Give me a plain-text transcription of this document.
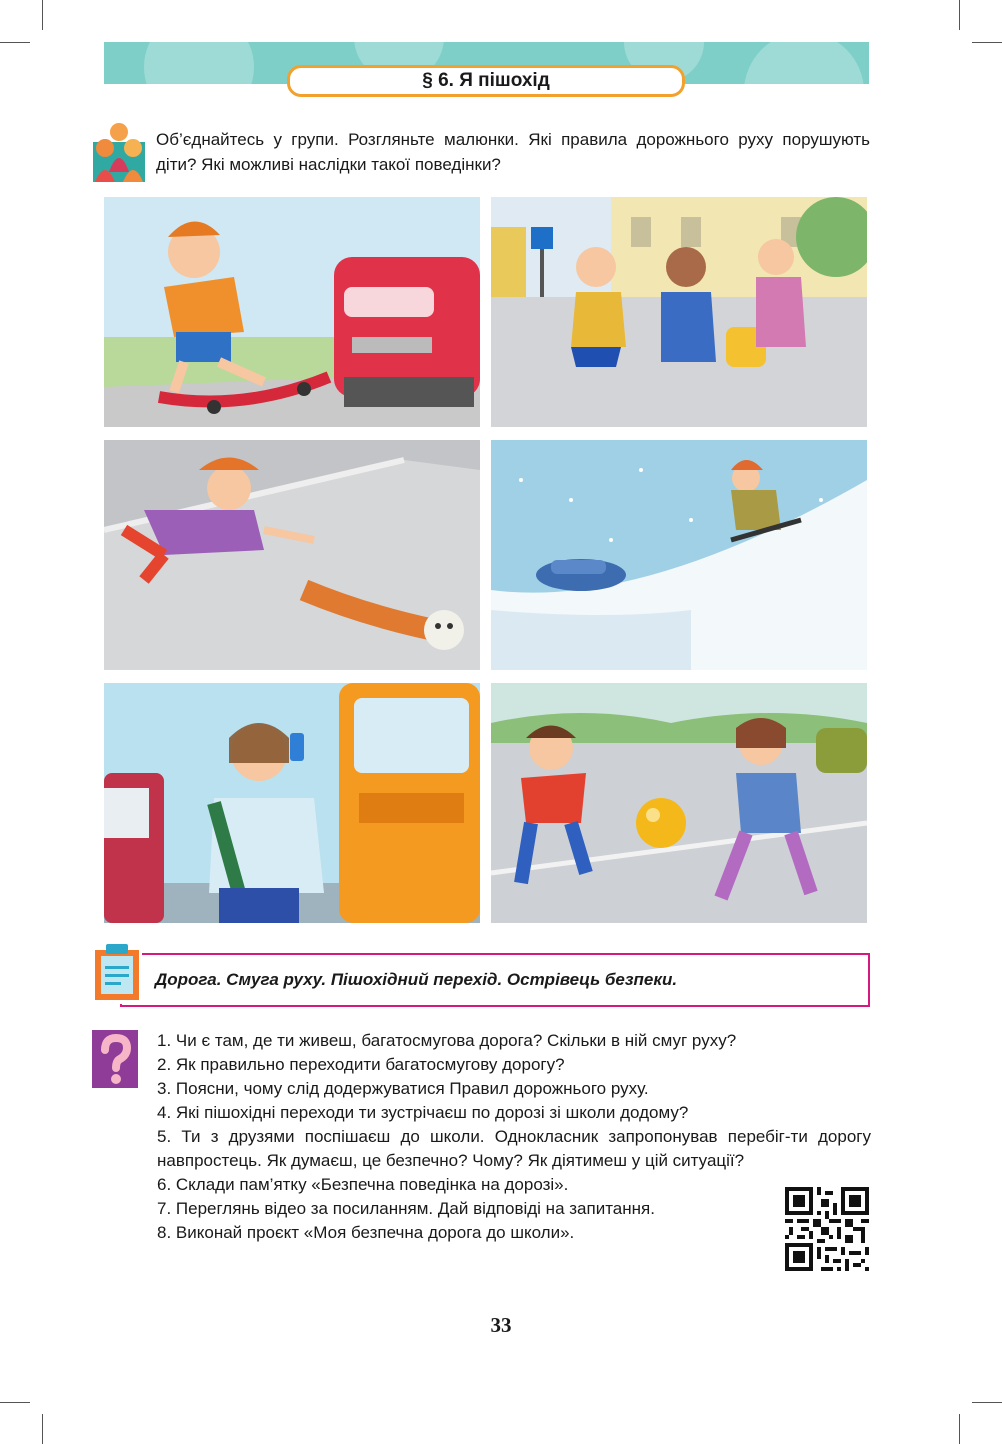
§ 6. Я пішохід

Об’єднайтесь у групи. Розгляньте малюнки. Які правила дорожнього руху порушують діти? Які можливі наслідки такої поведінки?

Дорога. Смуга руху. Пішохідний перехід. Острівець безпеки.
1. Чи є там, де ти живеш, багатосмугова дорога? Скільки в ній смуг руху?
2. Як правильно переходити багатосмугову дорогу?
3. Поясни, чому слід додержуватися Правил дорожнього руху.
4. Які пішохідні переходи ти зустрічаєш по дорозі зі школи додому?
5. Ти з друзями поспішаєш до школи. Однокласник запропонував перебіг-ти дорогу навпростець. Як думаєш, це безпечно? Чому? Як діятимеш у цій ситуації?
6. Склади пам’ятку «Безпечна поведінка на дорозі».
7. Переглянь відео за посиланням. Дай відповіді на запитання.
8. Виконай проєкт «Моя безпечна дорога до школи».
33
